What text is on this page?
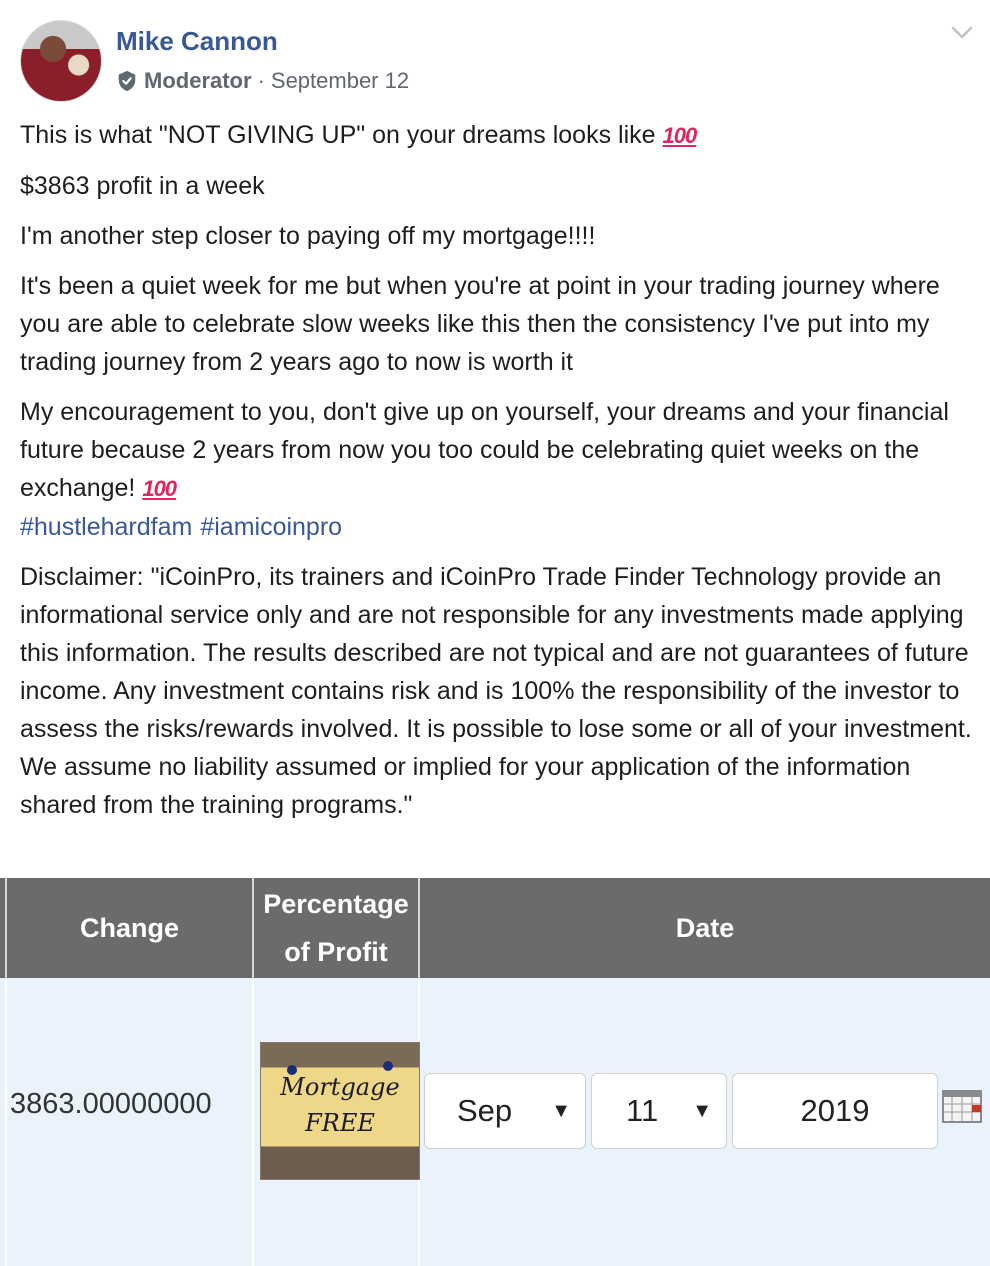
Mike Cannon
Moderator · September 12

This is what "NOT GIVING UP" on your dreams looks like 100

$3863 profit in a week

I'm another step closer to paying off my mortgage!!!!

It's been a quiet week for me but when you're at point in your trading journey where you are able to celebrate slow weeks like this then the consistency I've put into my trading journey from 2 years ago to now is worth it

My encouragement to you, don't give up on yourself, your dreams and your financial future because 2 years from now you too could be celebrating quiet weeks on the exchange! 100

#hustlehardfam #iamicoinpro

Disclaimer: "iCoinPro, its trainers and iCoinPro Trade Finder Technology provide an informational service only and are not responsible for any investments made applying this information. The results described are not typical and are not guarantees of future income. Any investment contains risk and is 100% the responsibility of the investor to assess the risks/rewards involved. It is possible to lose some or all of your investment. We assume no liability assumed or implied for your application of the information shared from the training programs."

Change
Percentage
of Profit
Date
3863.00000000
Mortgage
FREE	Sep ▼ 11 ▼	2019
